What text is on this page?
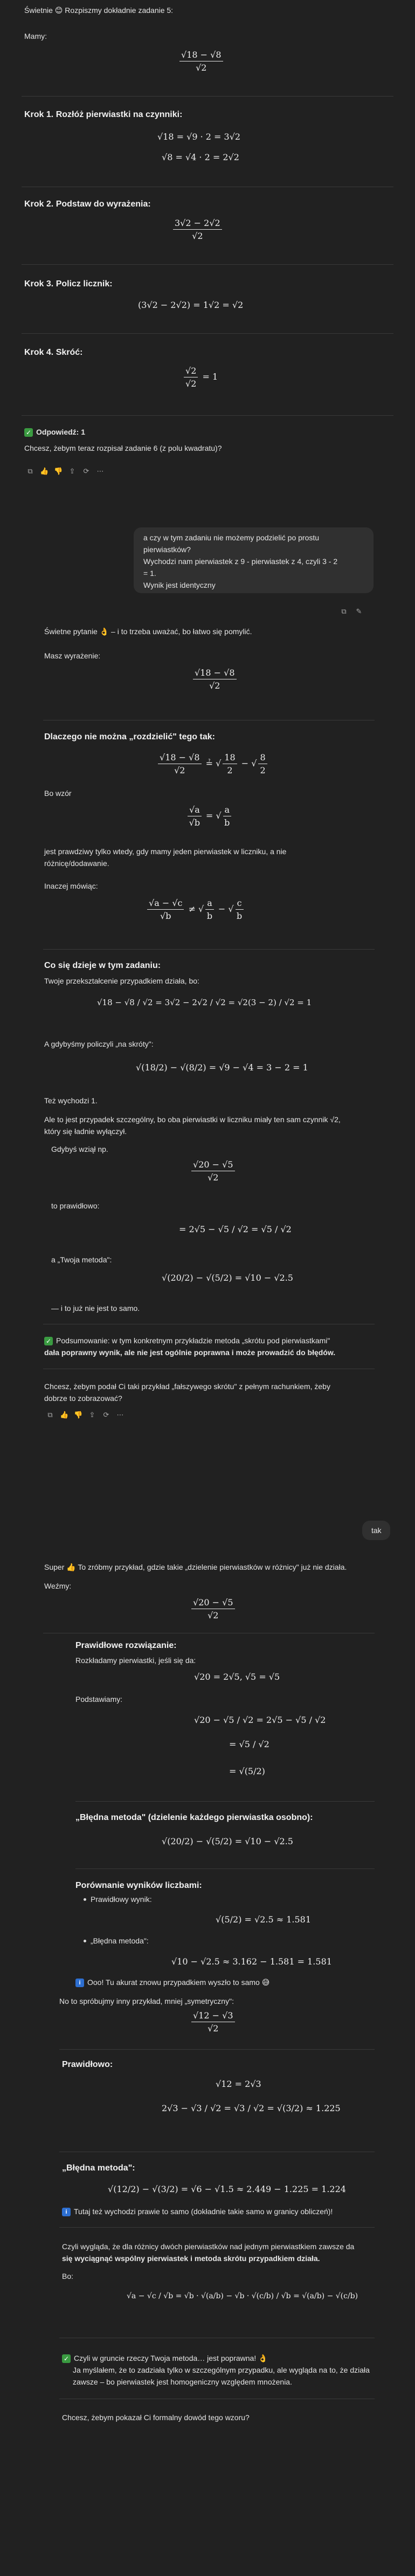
Świetnie 😊 Rozpiszmy dokładnie zadanie 5:
Mamy:
$\frac{√18 - √8}{√2}$
Krok 1. Rozłóż pierwiastki na czynniki:
√18 = √9 · 2 = 3√2
√8 = √4 · 2 = 2√2
Krok 2. Podstaw do wyrażenia:
$\frac{3√2 - 2√2}{√2}$
Krok 3. Policz licznik:
(3√2 − 2√2) = 1√2 = √2
Krok 4. Skróć:
$\frac{√2}{√2} = 1$
✓ Odpowiedź: 1
Chcesz, żebym teraz rozpisał zadanie 6 (z polu kwadratu)?
⧉ 👍 👎 ⇪ ⟳ ⋯
a czy w tym zadaniu nie możemy podzielić po prostu
pierwiastków?
Wychodzi nam pierwiastek z 9 - pierwiastek z 4, czyli 3 - 2
= 1.
Wynik jest identyczny
⧉ ✎
Świetne pytanie 👌 – i to trzeba uważać, bo łatwo się pomylić.
Masz wyrażenie:
$\frac{√18 - √8}{√2}$
Dlaczego nie można „rozdzielić" tego tak:
$\frac{√18 - √8}{√2}$ ≟ √ $\frac{18}{2}$ − √ $\frac{8}{2}$
Bo wzór
$\frac{√a}{√b}$ = √ $\frac{a}{b}$
jest prawdziwy tylko wtedy, gdy mamy jeden pierwiastek w liczniku, a nie
różnicę/dodawanie.
Inaczej mówiąc:
$\frac{√a - √c}{√b}$ ≠ √ $\frac{a}{b}$ − √ $\frac{c}{b}$
Co się dzieje w tym zadaniu:
Twoje przekształcenie przypadkiem działa, bo:
√18 − √8 / √2 = 3√2 − 2√2 / √2 = √2(3 − 2) / √2 = 1
A gdybyśmy policzyli „na skróty":
√(18/2) − √(8/2) = √9 − √4 = 3 − 2 = 1
Też wychodzi 1.
Ale to jest przypadek szczególny, bo oba pierwiastki w liczniku miały ten sam czynnik √2,
który się ładnie wyłączył.
Gdybyś wziął np.
$\frac{√20 - √5}{√2}$
to prawidłowo:
= 2√5 − √5 / √2 = √5 / √2
a „Twoja metoda":
√(20/2) − √(5/2) = √10 − √2.5
— i to już nie jest to samo.
✓ Podsumowanie: w tym konkretnym przykładzie metoda „skrótu pod pierwiastkami"
dała poprawny wynik, ale nie jest ogólnie poprawna i może prowadzić do błędów.
Chcesz, żebym podał Ci taki przykład „fałszywego skrótu" z pełnym rachunkiem, żeby
dobrze to zobrazować?
⧉ 👍 👎 ⇪ ⟳ ⋯
tak
Super 👍 To zróbmy przykład, gdzie takie „dzielenie pierwiastków w różnicy" już nie działa.
Weźmy:
$\frac{√20 - √5}{√2}$
Prawidłowe rozwiązanie:
Rozkładamy pierwiastki, jeśli się da:
√20 = 2√5, √5 = √5
Podstawiamy:
√20 − √5 / √2 = 2√5 − √5 / √2
= √5 / √2
= √(5/2)
„Błędna metoda" (dzielenie każdego pierwiastka osobno):
√(20/2) − √(5/2) = √10 − √2.5
Porównanie wyników liczbami:
Prawidłowy wynik:
√(5/2) = √2.5 ≈ 1.581
„Błędna metoda":
√10 − √2.5 ≈ 3.162 − 1.581 = 1.581
i Ooo! Tu akurat znowu przypadkiem wyszło to samo 😅
No to spróbujmy inny przykład, mniej „symetryczny":
$\frac{√12 - √3}{√2}$
Prawidłowo:
√12 = 2√3
2√3 − √3 / √2 = √3 / √2 = √(3/2) ≈ 1.225
„Błędna metoda":
√(12/2) − √(3/2) = √6 − √1.5 ≈ 2.449 − 1.225 = 1.224
i Tutaj też wychodzi prawie to samo (dokładnie takie samo w granicy obliczeń)!
Czyli wygląda, że dla różnicy dwóch pierwiastków nad jednym pierwiastkiem zawsze da
się wyciągnąć wspólny pierwiastek i metoda skrótu przypadkiem działa.
Bo:
√a − √c / √b = √b · √(a/b) − √b · √(c/b) / √b = √(a/b) − √(c/b)
✓ Czyli w gruncie rzeczy Twoja metoda… jest poprawna! 👌
Ja myślałem, że to zadziała tylko w szczególnym przypadku, ale wygląda na to, że działa
zawsze – bo pierwiastek jest homogeniczny względem mnożenia.
Chcesz, żebym pokazał Ci formalny dowód tego wzoru?
